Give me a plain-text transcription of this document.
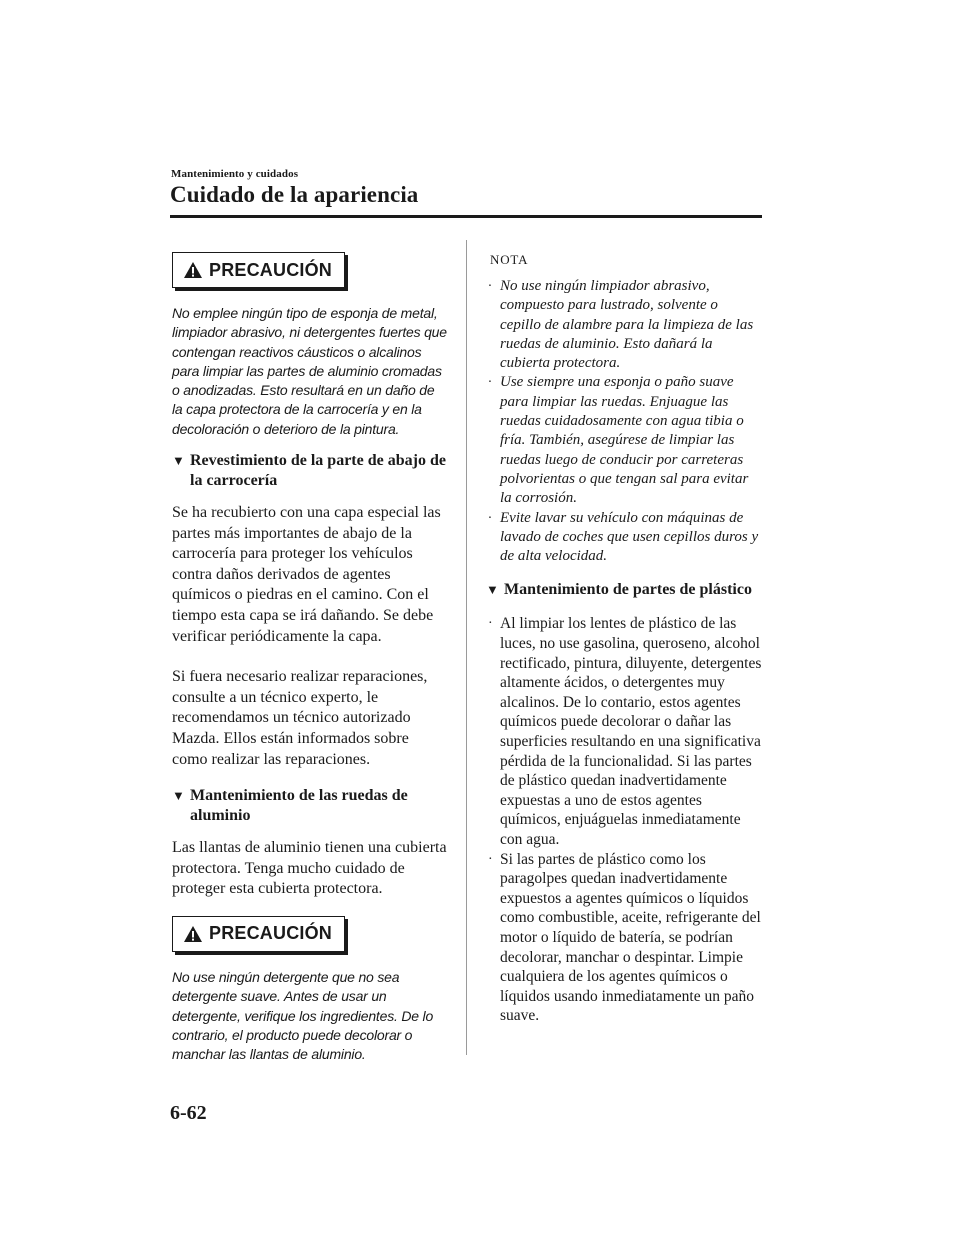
Mantenimiento y cuidados
Cuidado de la apariencia
PRECAUCIÓN

No emplee ningún tipo de esponja de metal, limpiador abrasivo, ni detergentes fuertes que contengan reactivos cáusticos o alcalinos para limpiar las partes de aluminio cromadas o anodizadas. Esto resultará en un daño de la capa protectora de la carrocería y en la decoloración o deterioro de la pintura.

▼ Revestimiento de la parte de abajo de la carrocería

Se ha recubierto con una capa especial las partes más importantes de abajo de la carrocería para proteger los vehículos contra daños derivados de agentes químicos o piedras en el camino. Con el tiempo esta capa se irá dañando. Se debe verificar periódicamente la capa.

Si fuera necesario realizar reparaciones, consulte a un técnico experto, le recomendamos un técnico autorizado Mazda. Ellos están informados sobre como realizar las reparaciones.

▼ Mantenimiento de las ruedas de aluminio

Las llantas de aluminio tienen una cubierta protectora. Tenga mucho cuidado de proteger esta cubierta protectora.

PRECAUCIÓN

No use ningún detergente que no sea detergente suave. Antes de usar un detergente, verifique los ingredientes. De lo contrario, el producto puede decolorar o manchar las llantas de aluminio.

NOTA
· No use ningún limpiador abrasivo, compuesto para lustrado, solvente o cepillo de alambre para la limpieza de las ruedas de aluminio. Esto dañará la cubierta protectora.
· Use siempre una esponja o paño suave para limpiar las ruedas. Enjuague las ruedas cuidadosamente con agua tibia o fría. También, asegúrese de limpiar las ruedas luego de conducir por carreteras polvorientas o que tengan sal para evitar la corrosión.
· Evite lavar su vehículo con máquinas de lavado de coches que usen cepillos duros y de alta velocidad.
▼ Mantenimiento de partes de plástico
· Al limpiar los lentes de plástico de las luces, no use gasolina, queroseno, alcohol rectificado, pintura, diluyente, detergentes altamente ácidos, o detergentes muy alcalinos. De lo contario, estos agentes químicos puede decolorar o dañar las superficies resultando en una significativa pérdida de la funcionalidad. Si las partes de plástico quedan inadvertidamente expuestas a uno de estos agentes químicos, enjuáguelas inmediatamente con agua.
· Si las partes de plástico como los paragolpes quedan inadvertidamente expuestos a agentes químicos o líquidos como combustible, aceite, refrigerante del motor o líquido de batería, se podrían decolorar, manchar o despintar. Limpie cualquiera de los agentes químicos o líquidos usando inmediatamente un paño suave.
6-62
